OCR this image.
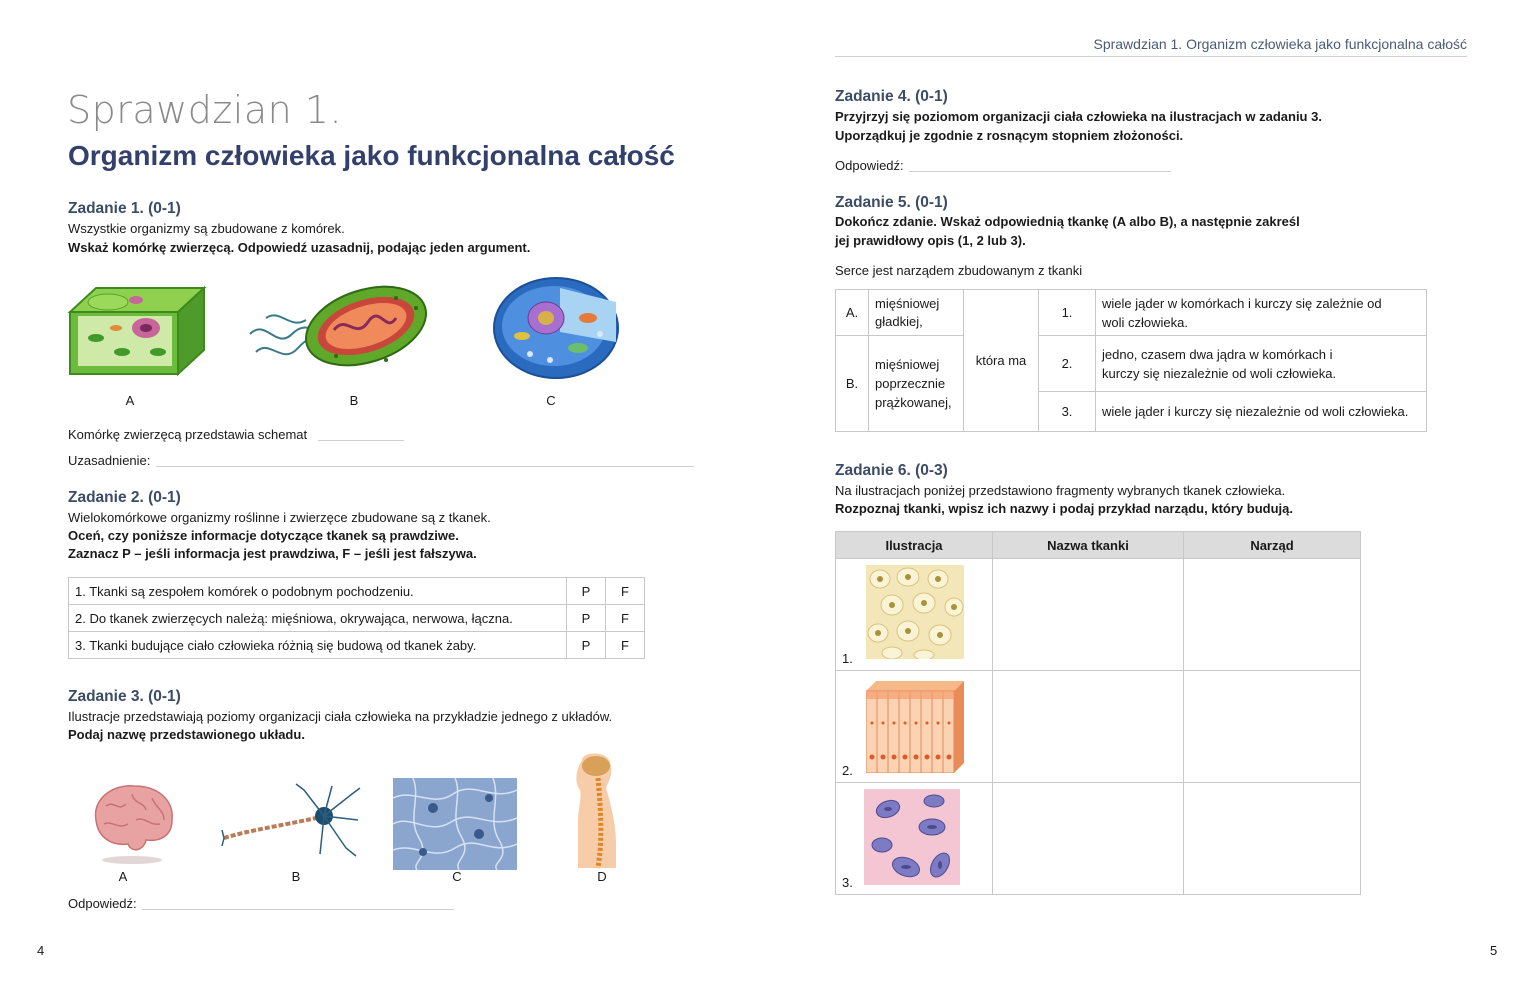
Sprawdzian 1. Organizm człowieka jako funkcjonalna całość
Sprawdzian 1.
Organizm człowieka jako funkcjonalna całość
Zadanie 1. (0-1)
Wszystkie organizmy są zbudowane z komórek.
Wskaż komórkę zwierzęcą. Odpowiedź uzasadnij, podając jeden argument.
A	B	C
Komórkę zwierzęcą przedstawia schemat
Uzasadnienie:
Zadanie 2. (0-1)
Wielokomórkowe organizmy roślinne i zwierzęce zbudowane są z tkanek.
Oceń, czy poniższe informacje dotyczące tkanek są prawdziwe.
Zaznacz P – jeśli informacja jest prawdziwa, F – jeśli jest fałszywa.
1. Tkanki są zespołem komórek o podobnym pochodzeniu.	P	F
2. Do tkanek zwierzęcych należą: mięśniowa, okrywająca, nerwowa, łączna.	P	F
3. Tkanki budujące ciało człowieka różnią się budową od tkanek żaby.	P	F
Zadanie 3. (0-1)
Ilustracje przedstawiają poziomy organizacji ciała człowieka na przykładzie jednego z układów.
Podaj nazwę przedstawionego układu.
A	B	C	D
Odpowiedź:
4
Zadanie 4. (0-1)
Przyjrzyj się poziomom organizacji ciała człowieka na ilustracjach w zadaniu 3.
Uporządkuj je zgodnie z rosnącym stopniem złożoności.
Odpowiedź:
Zadanie 5. (0-1)
Dokończ zdanie. Wskaż odpowiednią tkankę (A albo B), a następnie zakreśl
jej prawidłowy opis (1, 2 lub 3).
Serce jest narządem zbudowanym z tkanki
A.	mięśniowej gładkiej,	która ma	1.	wiele jąder w komórkach i kurczy się zależnie od woli człowieka.

B.	mięśniowej poprzecznie prążkowanej,		2.	jedno, czasem dwa jądra w komórkach i kurczy się niezależnie od woli człowieka.

			3.	wiele jąder i kurczy się niezależnie od woli człowieka.
Zadanie 6. (0-3)
Na ilustracjach poniżej przedstawiono fragmenty wybranych tkanek człowieka.
Rozpoznaj tkanki, wpisz ich nazwy i podaj przykład narządu, który budują.
Ilustracja	Nazwa tkanki	Narząd

1.		

2.		

3.		

5
